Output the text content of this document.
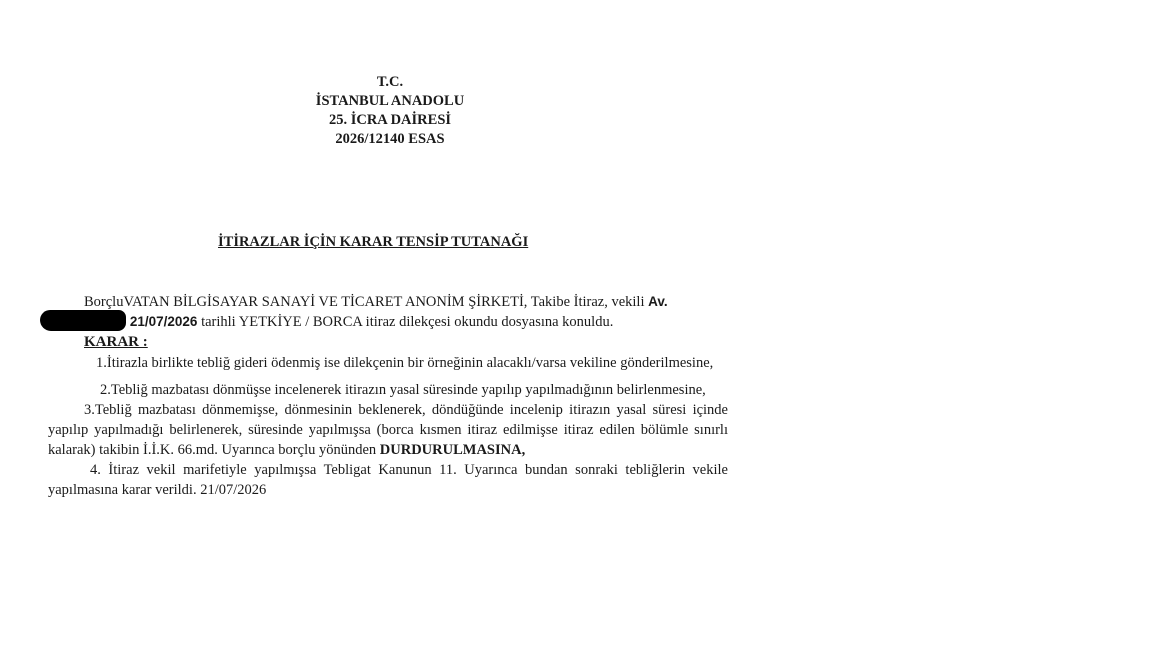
T.C.
İSTANBUL ANADOLU
25. İCRA DAİRESİ
2026/12140 ESAS
İTİRAZLAR İÇİN KARAR TENSİP TUTANAĞI

BorçluVATAN BİLGİSAYAR SANAYİ VE TİCARET ANONİM ŞİRKETİ, Takibe İtiraz, vekili Av.
21/07/2026 tarihli YETKİYE / BORCA itiraz dilekçesi okundu dosyasına konuldu.

KARAR :

1.İtirazla birlikte tebliğ gideri ödenmiş ise dilekçenin bir örneğinin alacaklı/varsa vekiline gönderilmesine,

2.Tebliğ mazbatası dönmüşse incelenerek itirazın yasal süresinde yapılıp yapılmadığının belirlenmesine,

3.Tebliğ mazbatası dönmemişse, dönmesinin beklenerek, döndüğünde incelenip itirazın yasal süresi içinde yapılıp yapılmadığı belirlenerek, süresinde yapılmışsa (borca kısmen itiraz edilmişse itiraz edilen bölümle sınırlı kalarak) takibin İ.İ.K. 66.md. Uyarınca borçlu yönünden DURDURULMASINA,

4. İtiraz vekil marifetiyle yapılmışsa Tebligat Kanunun 11. Uyarınca bundan sonraki tebliğlerin vekile yapılmasına karar verildi. 21/07/2026
